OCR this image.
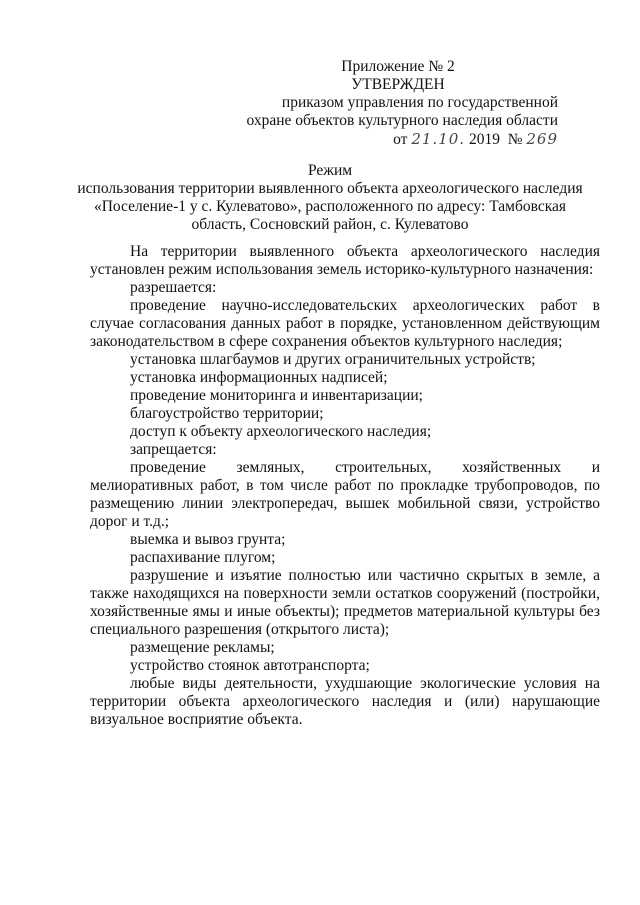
Приложение № 2
УТВЕРЖДЕН
приказом управления по государственной
охране объектов культурного наследия области
от 21.10. 2019 № 269
Режим
использования территории выявленного объекта археологического наследия
«Поселение-1 у с. Кулеватово», расположенного по адресу: Тамбовская
область, Сосновский район, с. Кулеватово

На территории выявленного объекта археологического наследия установлен режим использования земель историко-культурного назначения:

разрешается:

проведение научно-исследовательских археологических работ в случае согласования данных работ в порядке, установленном действующим законодательством в сфере сохранения объектов культурного наследия;

установка шлагбаумов и других ограничительных устройств;

установка информационных надписей;

проведение мониторинга и инвентаризации;

благоустройство территории;

доступ к объекту археологического наследия;

запрещается:

проведение земляных, строительных, хозяйственных и мелиоративных работ, в том числе работ по прокладке трубопроводов, по размещению линии электропередач, вышек мобильной связи, устройство дорог и т.д.;

выемка и вывоз грунта;

распахивание плугом;

разрушение и изъятие полностью или частично скрытых в земле, а также находящихся на поверхности земли остатков сооружений (постройки, хозяйственные ямы и иные объекты); предметов материальной культуры без специального разрешения (открытого листа);

размещение рекламы;

устройство стоянок автотранспорта;

любые виды деятельности, ухудшающие экологические условия на территории объекта археологического наследия и (или) нарушающие визуальное восприятие объекта.
